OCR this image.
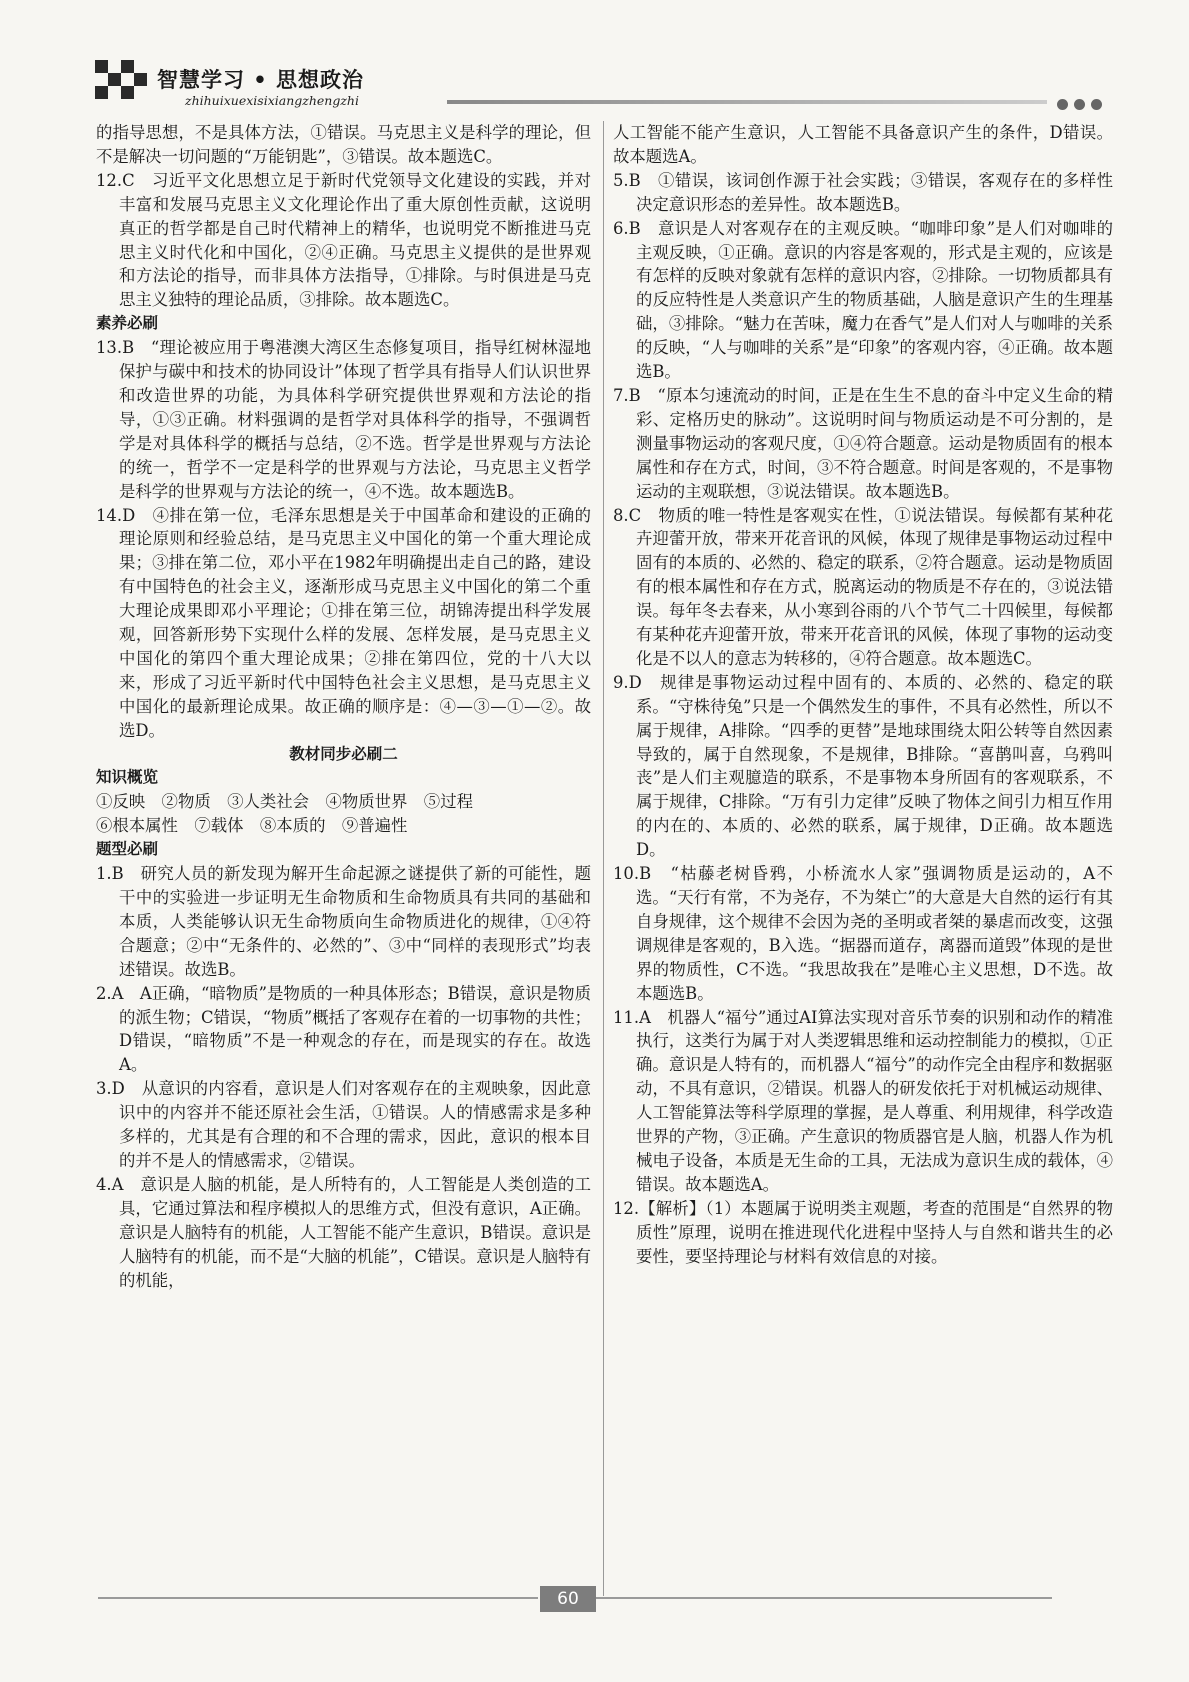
智慧学习 • 思想政治
zhihuixuexisixiangzhengzhi

的指导思想，不是具体方法，①错误。马克思主义是科学的理论，但不是解决一切问题的“万能钥匙”，③错误。故本题选C。

12.C　习近平文化思想立足于新时代党领导文化建设的实践，并对丰富和发展马克思主义文化理论作出了重大原创性贡献，这说明真正的哲学都是自己时代精神上的精华，也说明党不断推进马克思主义时代化和中国化，②④正确。马克思主义提供的是世界观和方法论的指导，而非具体方法指导，①排除。与时俱进是马克思主义独特的理论品质，③排除。故本题选C。

素养必刷

13.B　“理论被应用于粤港澳大湾区生态修复项目，指导红树林湿地保护与碳中和技术的协同设计”体现了哲学具有指导人们认识世界和改造世界的功能，为具体科学研究提供世界观和方法论的指导，①③正确。材料强调的是哲学对具体科学的指导，不强调哲学是对具体科学的概括与总结，②不选。哲学是世界观与方法论的统一，哲学不一定是科学的世界观与方法论，马克思主义哲学是科学的世界观与方法论的统一，④不选。故本题选B。

14.D　④排在第一位，毛泽东思想是关于中国革命和建设的正确的理论原则和经验总结，是马克思主义中国化的第一个重大理论成果；③排在第二位，邓小平在1982年明确提出走自己的路，建设有中国特色的社会主义，逐渐形成马克思主义中国化的第二个重大理论成果即邓小平理论；①排在第三位，胡锦涛提出科学发展观，回答新形势下实现什么样的发展、怎样发展，是马克思主义中国化的第四个重大理论成果；②排在第四位，党的十八大以来，形成了习近平新时代中国特色社会主义思想，是马克思主义中国化的最新理论成果。故正确的顺序是：④—③—①—②。故选D。

教材同步必刷二

知识概览

①反映　②物质　③人类社会　④物质世界　⑤过程

⑥根本属性　⑦载体　⑧本质的　⑨普遍性

题型必刷

1.B　研究人员的新发现为解开生命起源之谜提供了新的可能性，题干中的实验进一步证明无生命物质和生命物质具有共同的基础和本质，人类能够认识无生命物质向生命物质进化的规律，①④符合题意；②中“无条件的、必然的”、③中“同样的表现形式”均表述错误。故选B。

2.A　A正确，“暗物质”是物质的一种具体形态；B错误，意识是物质的派生物；C错误，“物质”概括了客观存在着的一切事物的共性；D错误，“暗物质”不是一种观念的存在，而是现实的存在。故选A。

3.D　从意识的内容看，意识是人们对客观存在的主观映象，因此意识中的内容并不能还原社会生活，①错误。人的情感需求是多种多样的，尤其是有合理的和不合理的需求，因此，意识的根本目的并不是人的情感需求，②错误。

4.A　意识是人脑的机能，是人所特有的，人工智能是人类创造的工具，它通过算法和程序模拟人的思维方式，但没有意识，A正确。意识是人脑特有的机能，人工智能不能产生意识，B错误。意识是人脑特有的机能，而不是“大脑的机能”，C错误。意识是人脑特有的机能，

人工智能不能产生意识，人工智能不具备意识产生的条件，D错误。故本题选A。

5.B　①错误，该词创作源于社会实践；③错误，客观存在的多样性决定意识形态的差异性。故本题选B。

6.B　意识是人对客观存在的主观反映。“咖啡印象”是人们对咖啡的主观反映，①正确。意识的内容是客观的，形式是主观的，应该是有怎样的反映对象就有怎样的意识内容，②排除。一切物质都具有的反应特性是人类意识产生的物质基础，人脑是意识产生的生理基础，③排除。“魅力在苦味，魔力在香气”是人们对人与咖啡的关系的反映，“人与咖啡的关系”是“印象”的客观内容，④正确。故本题选B。

7.B　“原本匀速流动的时间，正是在生生不息的奋斗中定义生命的精彩、定格历史的脉动”。这说明时间与物质运动是不可分割的，是测量事物运动的客观尺度，①④符合题意。运动是物质固有的根本属性和存在方式，时间，③不符合题意。时间是客观的，不是事物运动的主观联想，③说法错误。故本题选B。

8.C　物质的唯一特性是客观实在性，①说法错误。每候都有某种花卉迎蕾开放，带来开花音讯的风候，体现了规律是事物运动过程中固有的本质的、必然的、稳定的联系，②符合题意。运动是物质固有的根本属性和存在方式，脱离运动的物质是不存在的，③说法错误。每年冬去春来，从小寒到谷雨的八个节气二十四候里，每候都有某种花卉迎蕾开放，带来开花音讯的风候，体现了事物的运动变化是不以人的意志为转移的，④符合题意。故本题选C。

9.D　规律是事物运动过程中固有的、本质的、必然的、稳定的联系。“守株待兔”只是一个偶然发生的事件，不具有必然性，所以不属于规律，A排除。“四季的更替”是地球围绕太阳公转等自然因素导致的，属于自然现象，不是规律，B排除。“喜鹊叫喜，乌鸦叫丧”是人们主观臆造的联系，不是事物本身所固有的客观联系，不属于规律，C排除。“万有引力定律”反映了物体之间引力相互作用的内在的、本质的、必然的联系，属于规律，D正确。故本题选D。

10.B　“枯藤老树昏鸦，小桥流水人家”强调物质是运动的，A不选。“天行有常，不为尧存，不为桀亡”的大意是大自然的运行有其自身规律，这个规律不会因为尧的圣明或者桀的暴虐而改变，这强调规律是客观的，B入选。“据器而道存，离器而道毁”体现的是世界的物质性，C不选。“我思故我在”是唯心主义思想，D不选。故本题选B。

11.A　机器人“福兮”通过AI算法实现对音乐节奏的识别和动作的精准执行，这类行为属于对人类逻辑思维和运动控制能力的模拟，①正确。意识是人特有的，而机器人“福兮”的动作完全由程序和数据驱动，不具有意识，②错误。机器人的研发依托于对机械运动规律、人工智能算法等科学原理的掌握，是人尊重、利用规律，科学改造世界的产物，③正确。产生意识的物质器官是人脑，机器人作为机械电子设备，本质是无生命的工具，无法成为意识生成的载体，④错误。故本题选A。

12.【解析】（1）本题属于说明类主观题，考查的范围是“自然界的物质性”原理，说明在推进现代化进程中坚持人与自然和谐共生的必要性，要坚持理论与材料有效信息的对接。

60
